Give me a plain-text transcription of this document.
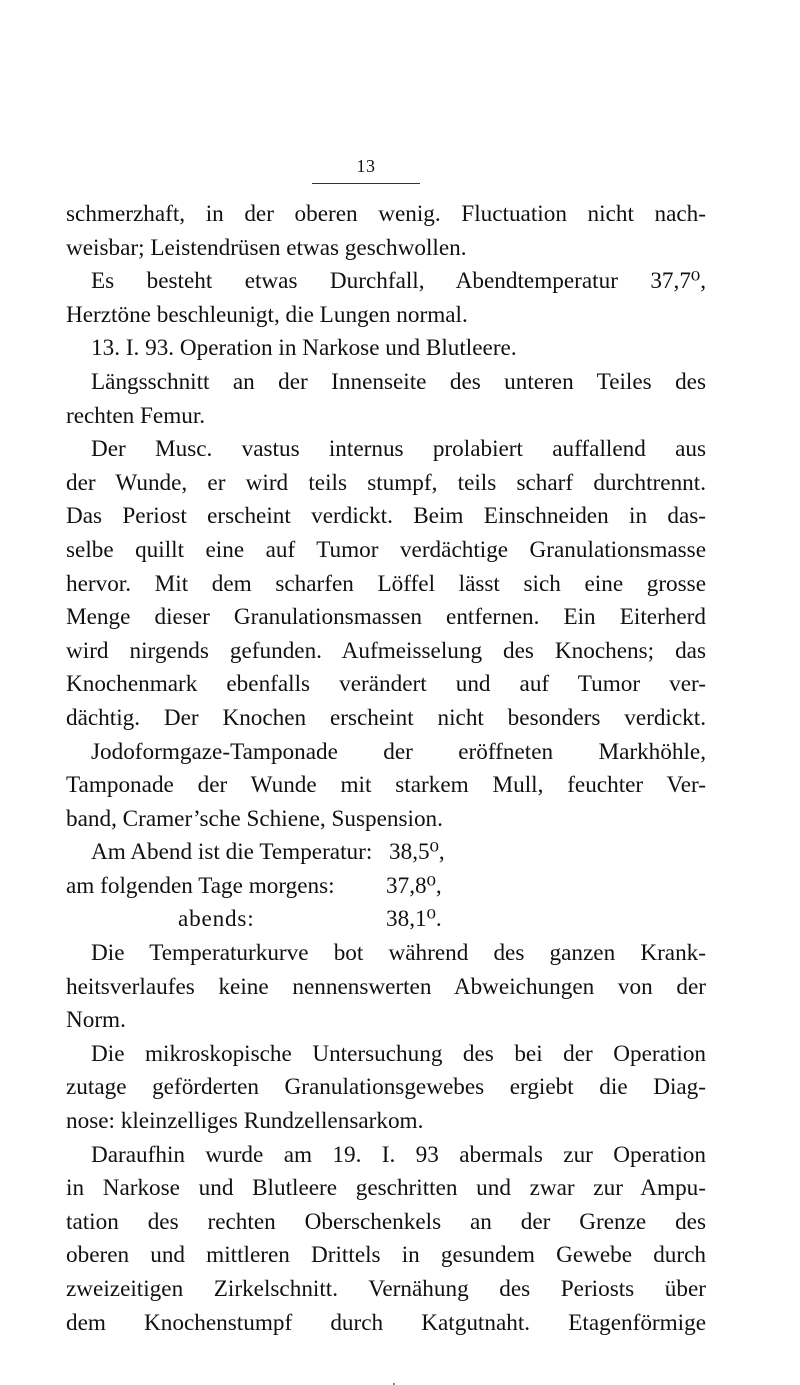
13
schmerzhaft, in der oberen wenig. Fluctuation nicht nach-
weisbar; Leistendrüsen etwas geschwollen.
Es besteht etwas Durchfall, Abendtemperatur 37,7⁰,
Herztöne beschleunigt, die Lungen normal.
13. I. 93. Operation in Narkose und Blutleere.
Längsschnitt an der Innenseite des unteren Teiles des
rechten Femur.
Der Musc. vastus internus prolabiert auffallend aus
der Wunde, er wird teils stumpf, teils scharf durchtrennt.
Das Periost erscheint verdickt. Beim Einschneiden in das-
selbe quillt eine auf Tumor verdächtige Granulationsmasse
hervor. Mit dem scharfen Löffel lässt sich eine grosse
Menge dieser Granulationsmassen entfernen. Ein Eiterherd
wird nirgends gefunden. Aufmeisselung des Knochens; das
Knochenmark ebenfalls verändert und auf Tumor ver-
dächtig. Der Knochen erscheint nicht besonders verdickt.
Jodoformgaze-Tamponade der eröffneten Markhöhle,
Tamponade der Wunde mit starkem Mull, feuchter Ver-
band, Cramer’sche Schiene, Suspension.
Am Abend ist die Temperatur: 38,5⁰,
am folgenden Tage morgens:	37,8⁰,
abends:	38,1⁰.
Die Temperaturkurve bot während des ganzen Krank-
heitsverlaufes keine nennenswerten Abweichungen von der
Norm.
Die mikroskopische Untersuchung des bei der Operation
zutage geförderten Granulationsgewebes ergiebt die Diag-
nose: kleinzelliges Rundzellensarkom.
Daraufhin wurde am 19. I. 93 abermals zur Operation
in Narkose und Blutleere geschritten und zwar zur Ampu-
tation des rechten Oberschenkels an der Grenze des
oberen und mittleren Drittels in gesundem Gewebe durch
zweizeitigen Zirkelschnitt. Vernähung des Periosts über
dem Knochenstumpf durch Katgutnaht. Etagenförmige
